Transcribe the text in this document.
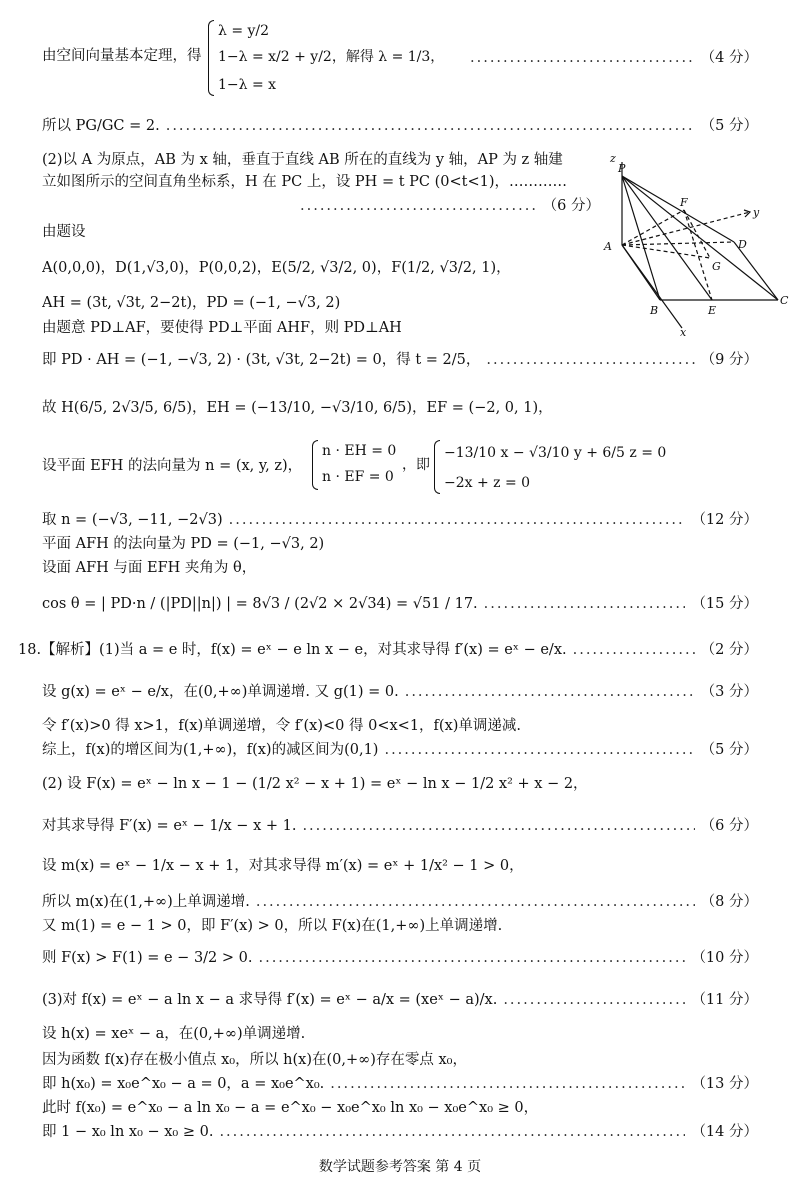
由空间向量基本定理，得
λ = y/2
1−λ = x/2 + y/2，解得 λ = 1/3，
1−λ = x
.....
（4 分）
所以 PG/GC = 2. .....	（5 分）
(2)以 A 为原点，AB 为 x 轴，垂直于直线 AB 所在的直线为 y 轴，AP 为 z 轴建
立如图所示的空间直角坐标系，H 在 PC 上，设 PH = t PC (0<t<1)，…………
.....
（6 分）
由题设
A(0,0,0)，D(1,√3,0)，P(0,0,2)，E(5/2, √3/2, 0)，F(1/2, √3/2, 1)，
AH = (3t, √3t, 2−2t)，PD = (−1, −√3, 2)
由题意 PD⊥AF，要使得 PD⊥平面 AHF，则 PD⊥AH
即 PD · AH = (−1, −√3, 2) · (3t, √3t, 2−2t) = 0，得 t = 2/5， .....	（9 分）
故 H(6/5, 2√3/5, 6/5)，EH = (−13/10, −√3/10, 6/5)，EF = (−2, 0, 1)，
设平面 EFH 的法向量为 n = (x, y, z)，
n · EH = 0
n · EF = 0
，即
−13/10 x − √3/10 y + 6/5 z = 0
−2x + z = 0
取 n = (−√3, −11, −2√3) .....	（12 分）
平面 AFH 的法向量为 PD = (−1, −√3, 2)
设面 AFH 与面 EFH 夹角为 θ，
cos θ = | PD·n / (|PD||n|) | = 8√3 / (2√2 × 2√34) = √51 / 17. .....	（15 分）
18.【解析】(1)当 a = e 时，f(x) = eˣ − e ln x − e，对其求导得 f′(x) = eˣ − e/x. .....	（2 分）
设 g(x) = eˣ − e/x，在(0,+∞)单调递增. 又 g(1) = 0. .....	（3 分）
令 f′(x)>0 得 x>1，f(x)单调递增，令 f′(x)<0 得 0<x<1，f(x)单调递减.
综上，f(x)的增区间为(1,+∞)，f(x)的减区间为(0,1) .....	（5 分）
(2) 设 F(x) = eˣ − ln x − 1 − (1/2 x² − x + 1) = eˣ − ln x − 1/2 x² + x − 2，
对其求导得 F′(x) = eˣ − 1/x − x + 1. .....	（6 分）
设 m(x) = eˣ − 1/x − x + 1，对其求导得 m′(x) = eˣ + 1/x² − 1 > 0，
所以 m(x)在(1,+∞)上单调递增. .....	（8 分）
又 m(1) = e − 1 > 0，即 F′(x) > 0，所以 F(x)在(1,+∞)上单调递增.
则 F(x) > F(1) = e − 3/2 > 0. .....	（10 分）
(3)对 f(x) = eˣ − a ln x − a 求导得 f′(x) = eˣ − a/x = (xeˣ − a)/x. .....	（11 分）
设 h(x) = xeˣ − a，在(0,+∞)单调递增.
因为函数 f(x)存在极小值点 x₀，所以 h(x)在(0,+∞)存在零点 x₀，
即 h(x₀) = x₀e^x₀ − a = 0，a = x₀e^x₀. .....	（13 分）
此时 f(x₀) = e^x₀ − a ln x₀ − a = e^x₀ − x₀e^x₀ ln x₀ − x₀e^x₀ ≥ 0，
即 1 − x₀ ln x₀ − x₀ ≥ 0. .....	（14 分）
z
P
y
F
A	D
G
B	E
C
x
数学试题参考答案 第 4 页
